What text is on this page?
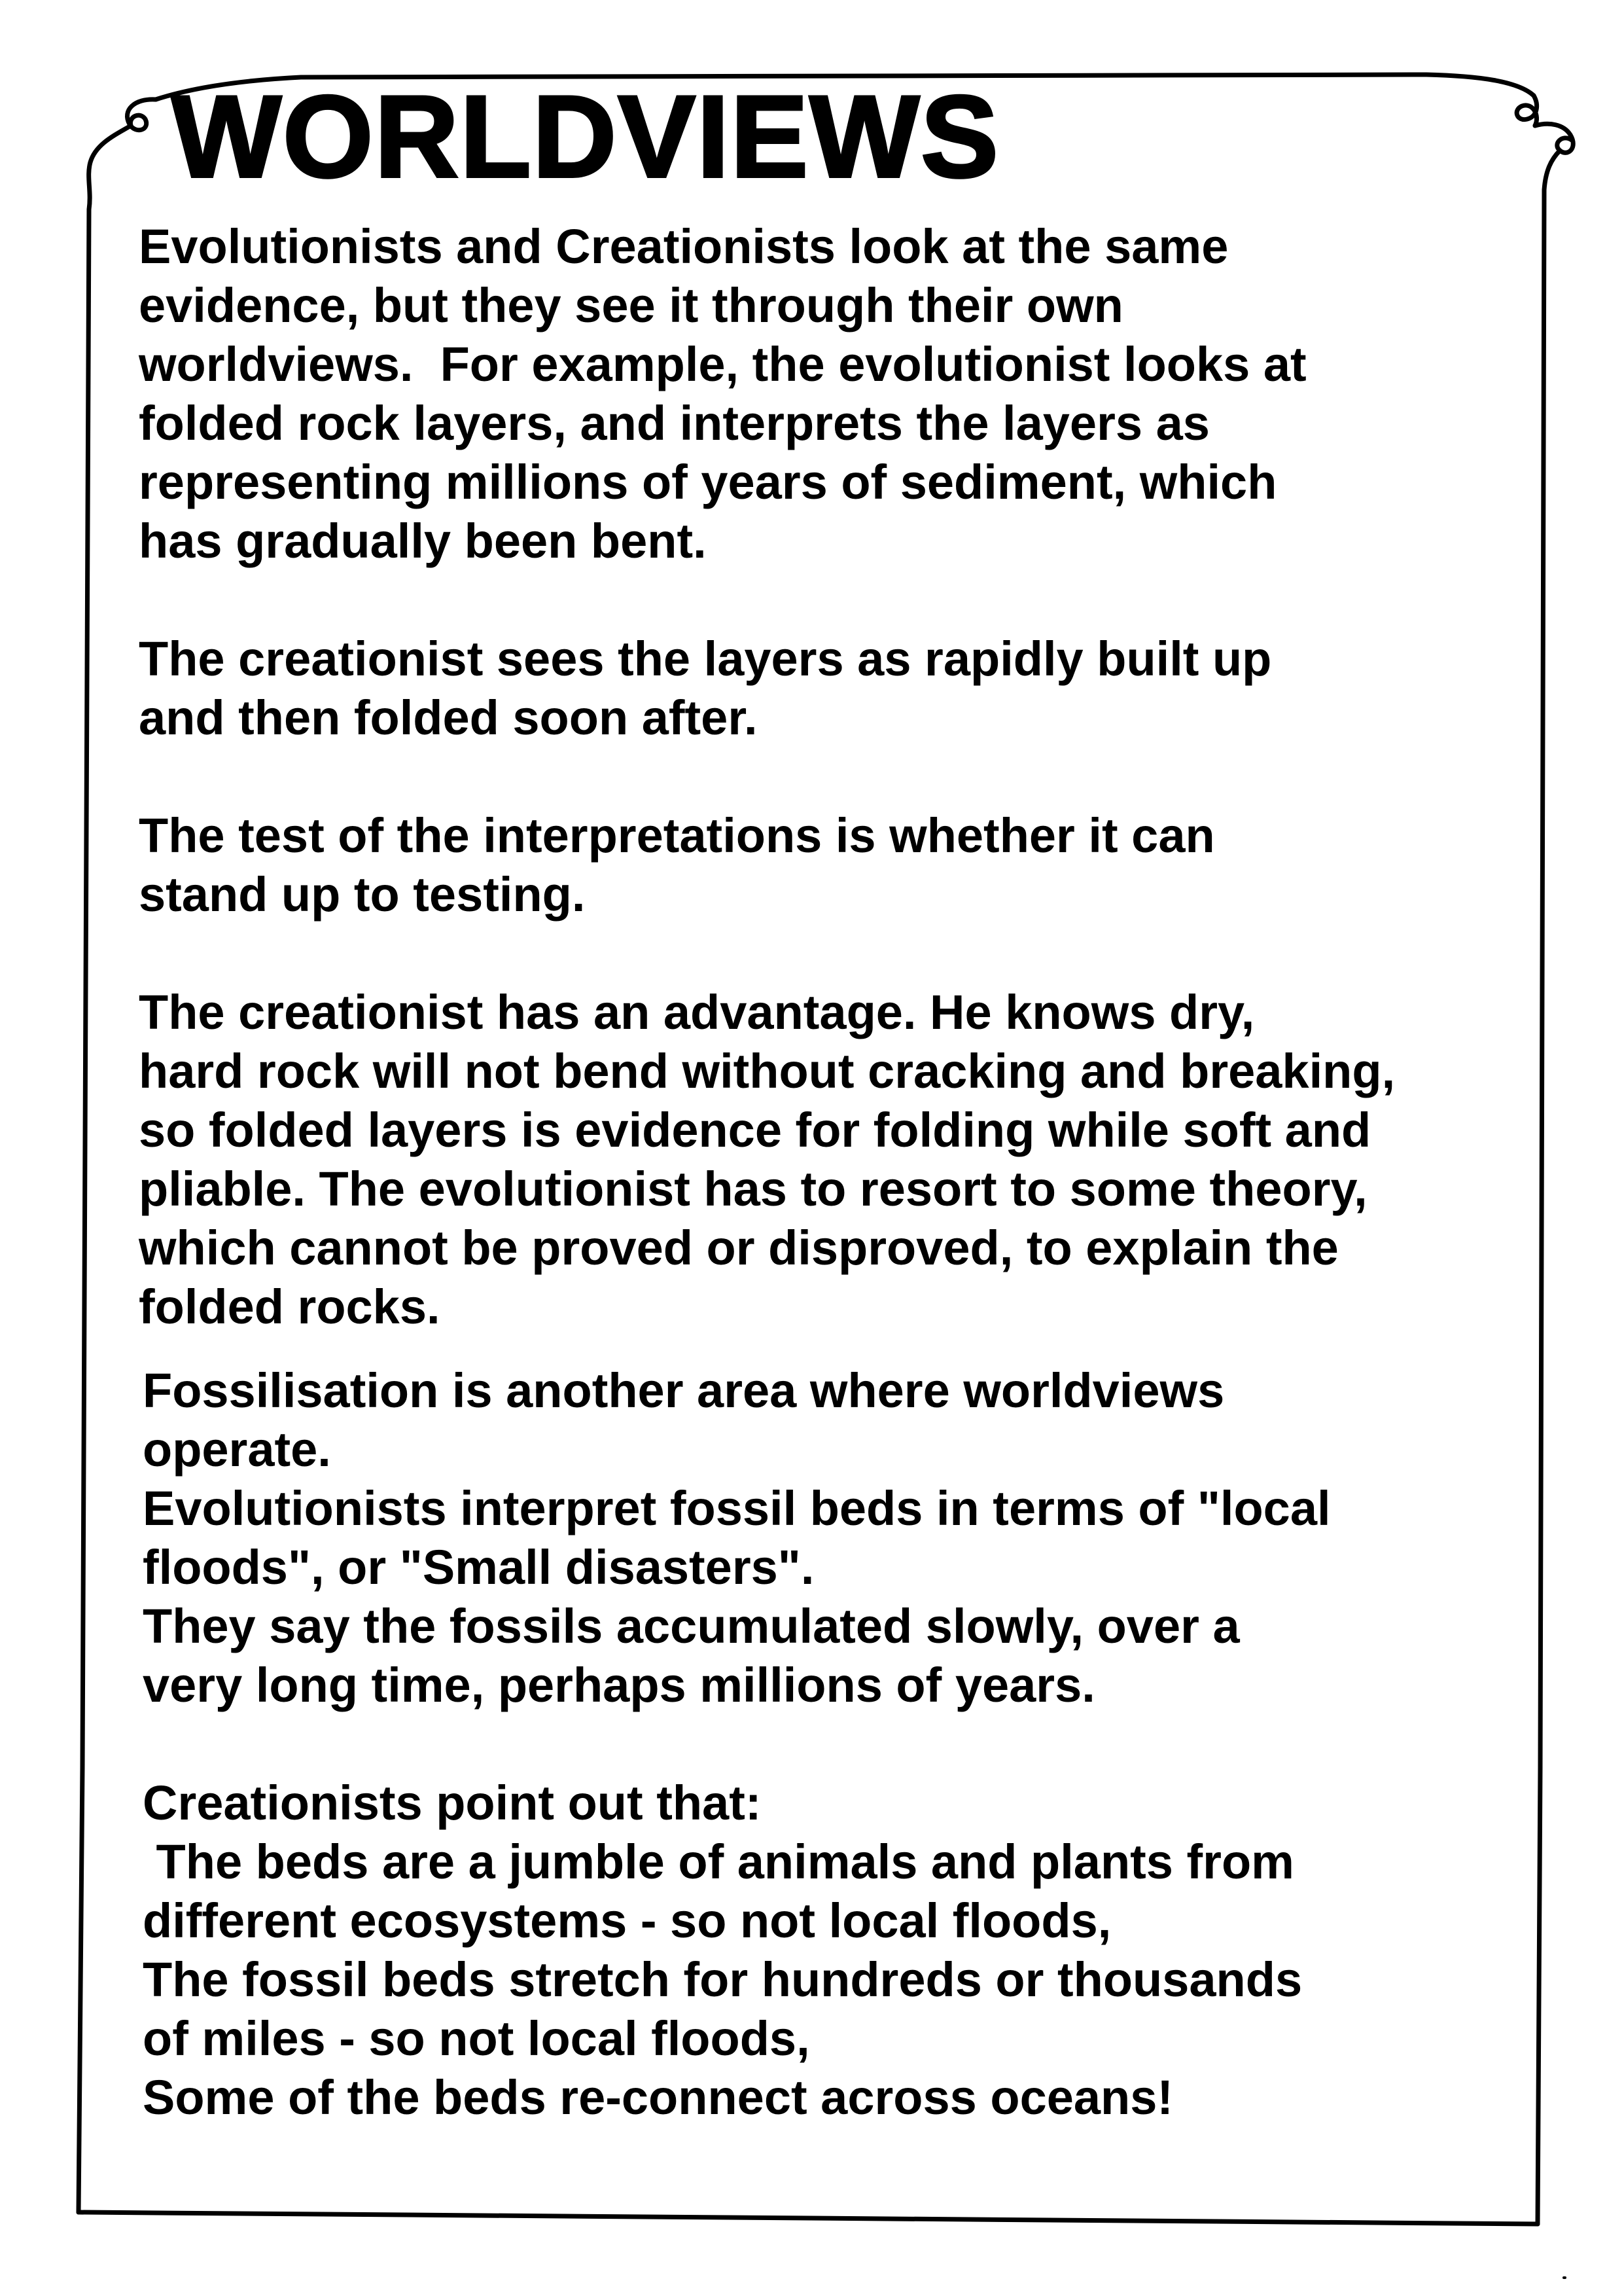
WORLDVIEWS
Evolutionists and Creationists look at the same
evidence, but they see it through their own
worldviews.  For example, the evolutionist looks at
folded rock layers, and interprets the layers as
representing millions of years of sediment, which
has gradually been bent.
The creationist sees the layers as rapidly built up
and then folded soon after.
The test of the interpretations is whether it can
stand up to testing.
The creationist has an advantage. He knows dry,
hard rock will not bend without cracking and breaking,
so folded layers is evidence for folding while soft and
pliable. The evolutionist has to resort to some theory,
which cannot be proved or disproved, to explain the
folded rocks.
Fossilisation is another area where worldviews
operate.
Evolutionists interpret fossil beds in terms of "local
floods", or "Small disasters".
They say the fossils accumulated slowly, over a
very long time, perhaps millions of years.
Creationists point out that:
The beds are a jumble of animals and plants from
different ecosystems - so not local floods,
The fossil beds stretch for hundreds or thousands
of miles - so not local floods,
Some of the beds re-connect across oceans!
